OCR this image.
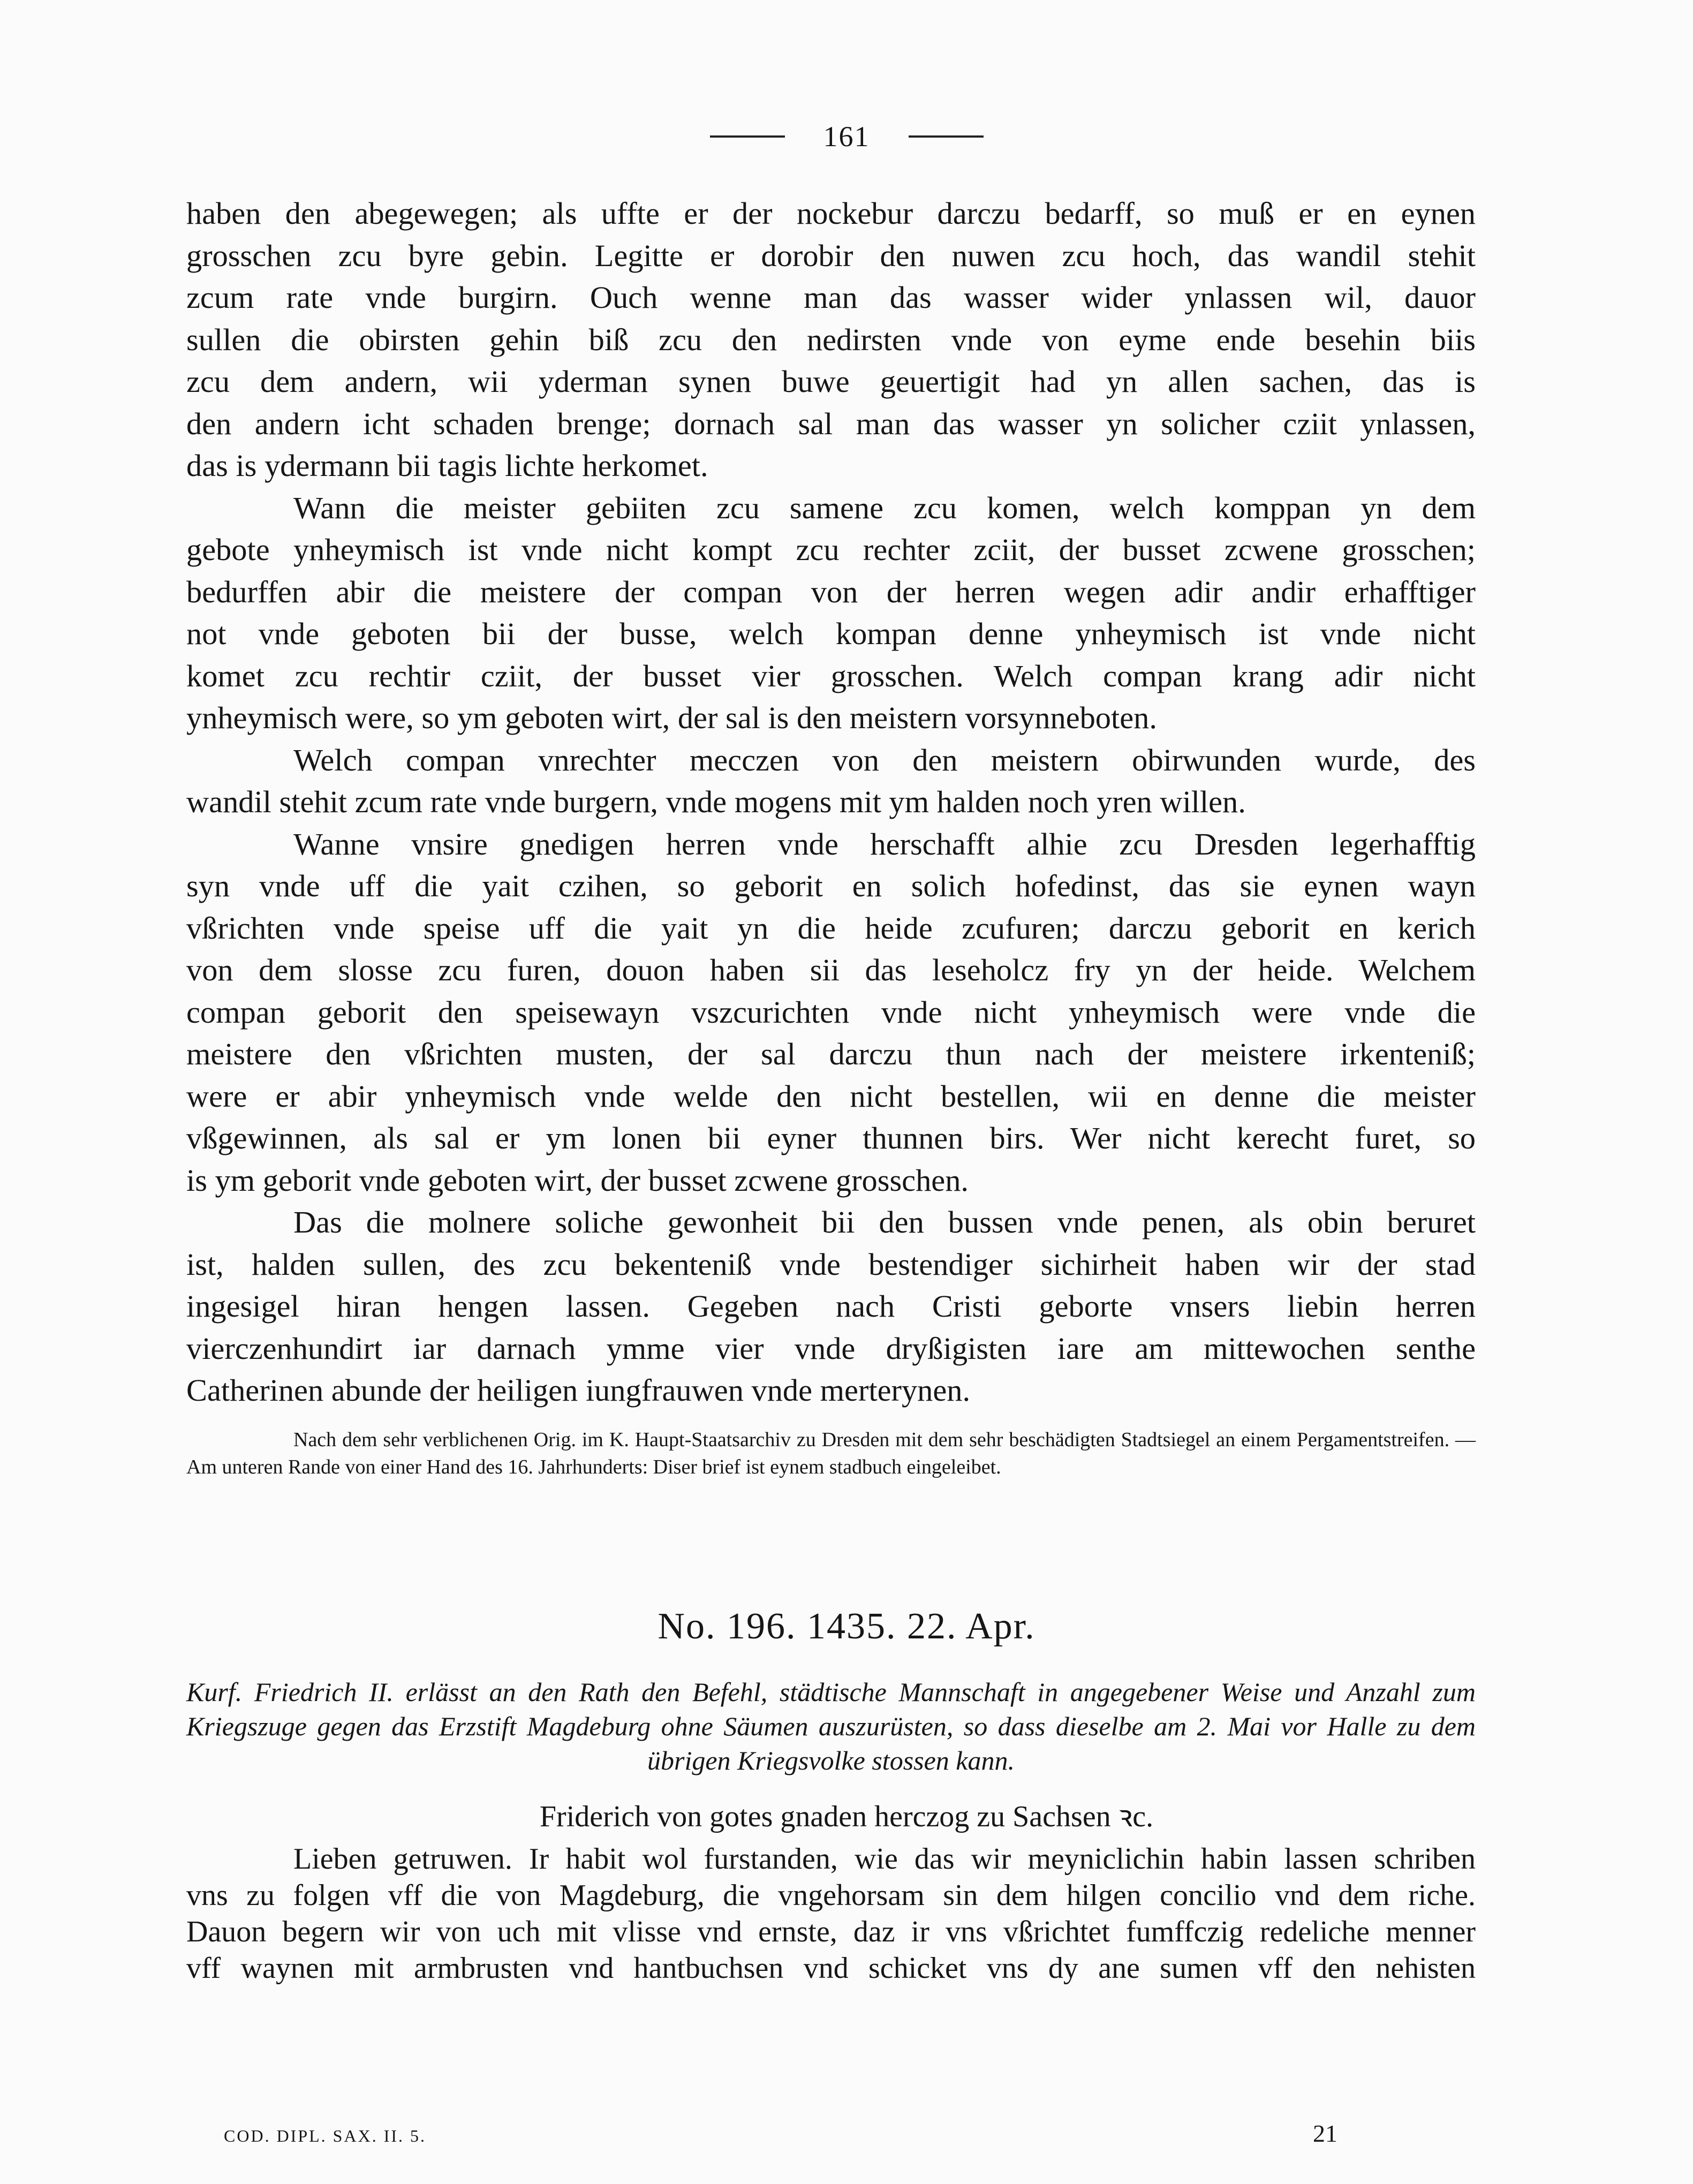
161

haben den abegewegen; als uffte er der nockebur darczu bedarff, so muß er en eynen
grosschen zcu byre gebin. Legitte er dorobir den nuwen zcu hoch, das wandil stehit
zcum rate vnde burgirn. Ouch wenne man das wasser wider ynlassen wil, dauor
sullen die obirsten gehin biß zcu den nedirsten vnde von eyme ende besehin biis
zcu dem andern, wii yderman synen buwe geuertigit had yn allen sachen, das is
den andern icht schaden brenge; dornach sal man das wasser yn solicher cziit ynlassen,
das is ydermann bii tagis lichte herkomet.

Wann die meister gebiiten zcu samene zcu komen, welch komppan yn dem
gebote ynheymisch ist vnde nicht kompt zcu rechter zciit, der busset zcwene grosschen;
bedurffen abir die meistere der compan von der herren wegen adir andir erhafftiger
not vnde geboten bii der busse, welch kompan denne ynheymisch ist vnde nicht
komet zcu rechtir cziit, der busset vier grosschen. Welch compan krang adir nicht
ynheymisch were, so ym geboten wirt, der sal is den meistern vorsynneboten.

Welch compan vnrechter mecczen von den meistern obirwunden wurde, des
wandil stehit zcum rate vnde burgern, vnde mogens mit ym halden noch yren willen.

Wanne vnsire gnedigen herren vnde herschafft alhie zcu Dresden legerhafftig
syn vnde uff die yait czihen, so geborit en solich hofedinst, das sie eynen wayn
vßrichten vnde speise uff die yait yn die heide zcufuren; darczu geborit en kerich
von dem slosse zcu furen, douon haben sii das leseholcz fry yn der heide. Welchem
compan geborit den speisewayn vszcurichten vnde nicht ynheymisch were vnde die
meistere den vßrichten musten, der sal darczu thun nach der meistere irkenteniß;
were er abir ynheymisch vnde welde den nicht bestellen, wii en denne die meister
vßgewinnen, als sal er ym lonen bii eyner thunnen birs. Wer nicht kerecht furet, so
is ym geborit vnde geboten wirt, der busset zcwene grosschen.

Das die molnere soliche gewonheit bii den bussen vnde penen, als obin beruret
ist, halden sullen, des zcu bekenteniß vnde bestendiger sichirheit haben wir der stad
ingesigel hiran hengen lassen. Gegeben nach Cristi geborte vnsers liebin herren
vierczenhundirt iar darnach ymme vier vnde dryßigisten iare am mittewochen senthe
Catherinen abunde der heiligen iungfrauwen vnde merterynen.

Nach dem sehr verblichenen Orig. im K. Haupt-Staatsarchiv zu Dresden mit dem sehr beschädigten Stadtsiegel an einem Pergamentstreifen. — Am unteren Rande von einer Hand des 16. Jahrhunderts: Diser brief ist eynem stadbuch eingeleibet.
No. 196. 1435. 22. Apr.
Kurf. Friedrich II. erlässt an den Rath den Befehl, städtische Mannschaft in angegebener Weise und Anzahl zum Kriegszuge gegen das Erzstift Magdeburg ohne Säumen auszurüsten, so dass dieselbe am 2. Mai vor Halle zu dem übrigen Kriegsvolke stossen kann.
Friderich von gotes gnaden herczog zu Sachsen ꝛc.

Lieben getruwen. Ir habit wol furstanden, wie das wir meyniclichin habin lassen schriben
vns zu folgen vff die von Magdeburg, die vngehorsam sin dem hilgen concilio vnd dem riche.
Dauon begern wir von uch mit vlisse vnd ernste, daz ir vns vßrichtet fumffczig redeliche menner
vff waynen mit armbrusten vnd hantbuchsen vnd schicket vns dy ane sumen vff den nehisten

COD. DIPL. SAX. II. 5.	21
